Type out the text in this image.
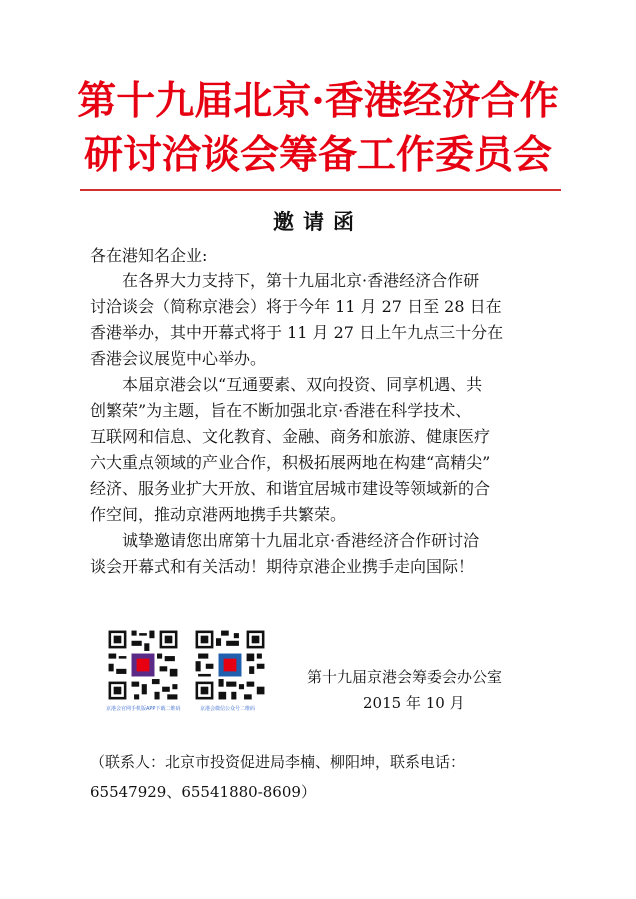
第十九届北京·香港经济合作
研讨洽谈会筹备工作委员会
邀请函
各在港知名企业:
在各界大力支持下，第十九届北京·香港经济合作研
讨洽谈会（简称京港会）将于今年 11 月 27 日至 28 日在
香港举办，其中开幕式将于 11 月 27 日上午九点三十分在
香港会议展览中心举办。
本届京港会以“互通要素、双向投资、同享机遇、共
创繁荣”为主题，旨在不断加强北京·香港在科学技术、
互联网和信息、文化教育、金融、商务和旅游、健康医疗
六大重点领域的产业合作，积极拓展两地在构建“高精尖”
经济、服务业扩大开放、和谐宜居城市建设等领域新的合
作空间，推动京港两地携手共繁荣。
诚挚邀请您出席第十九届北京·香港经济合作研讨洽
谈会开幕式和有关活动！期待京港企业携手走向国际！
京港会官网手机版APP下载二维码	京港会微信公众号二维码
第十九届京港会筹委会办公室
2015 年 10 月
（联系人：北京市投资促进局李楠、柳阳坤，联系电话：
65547929、65541880-8609）
